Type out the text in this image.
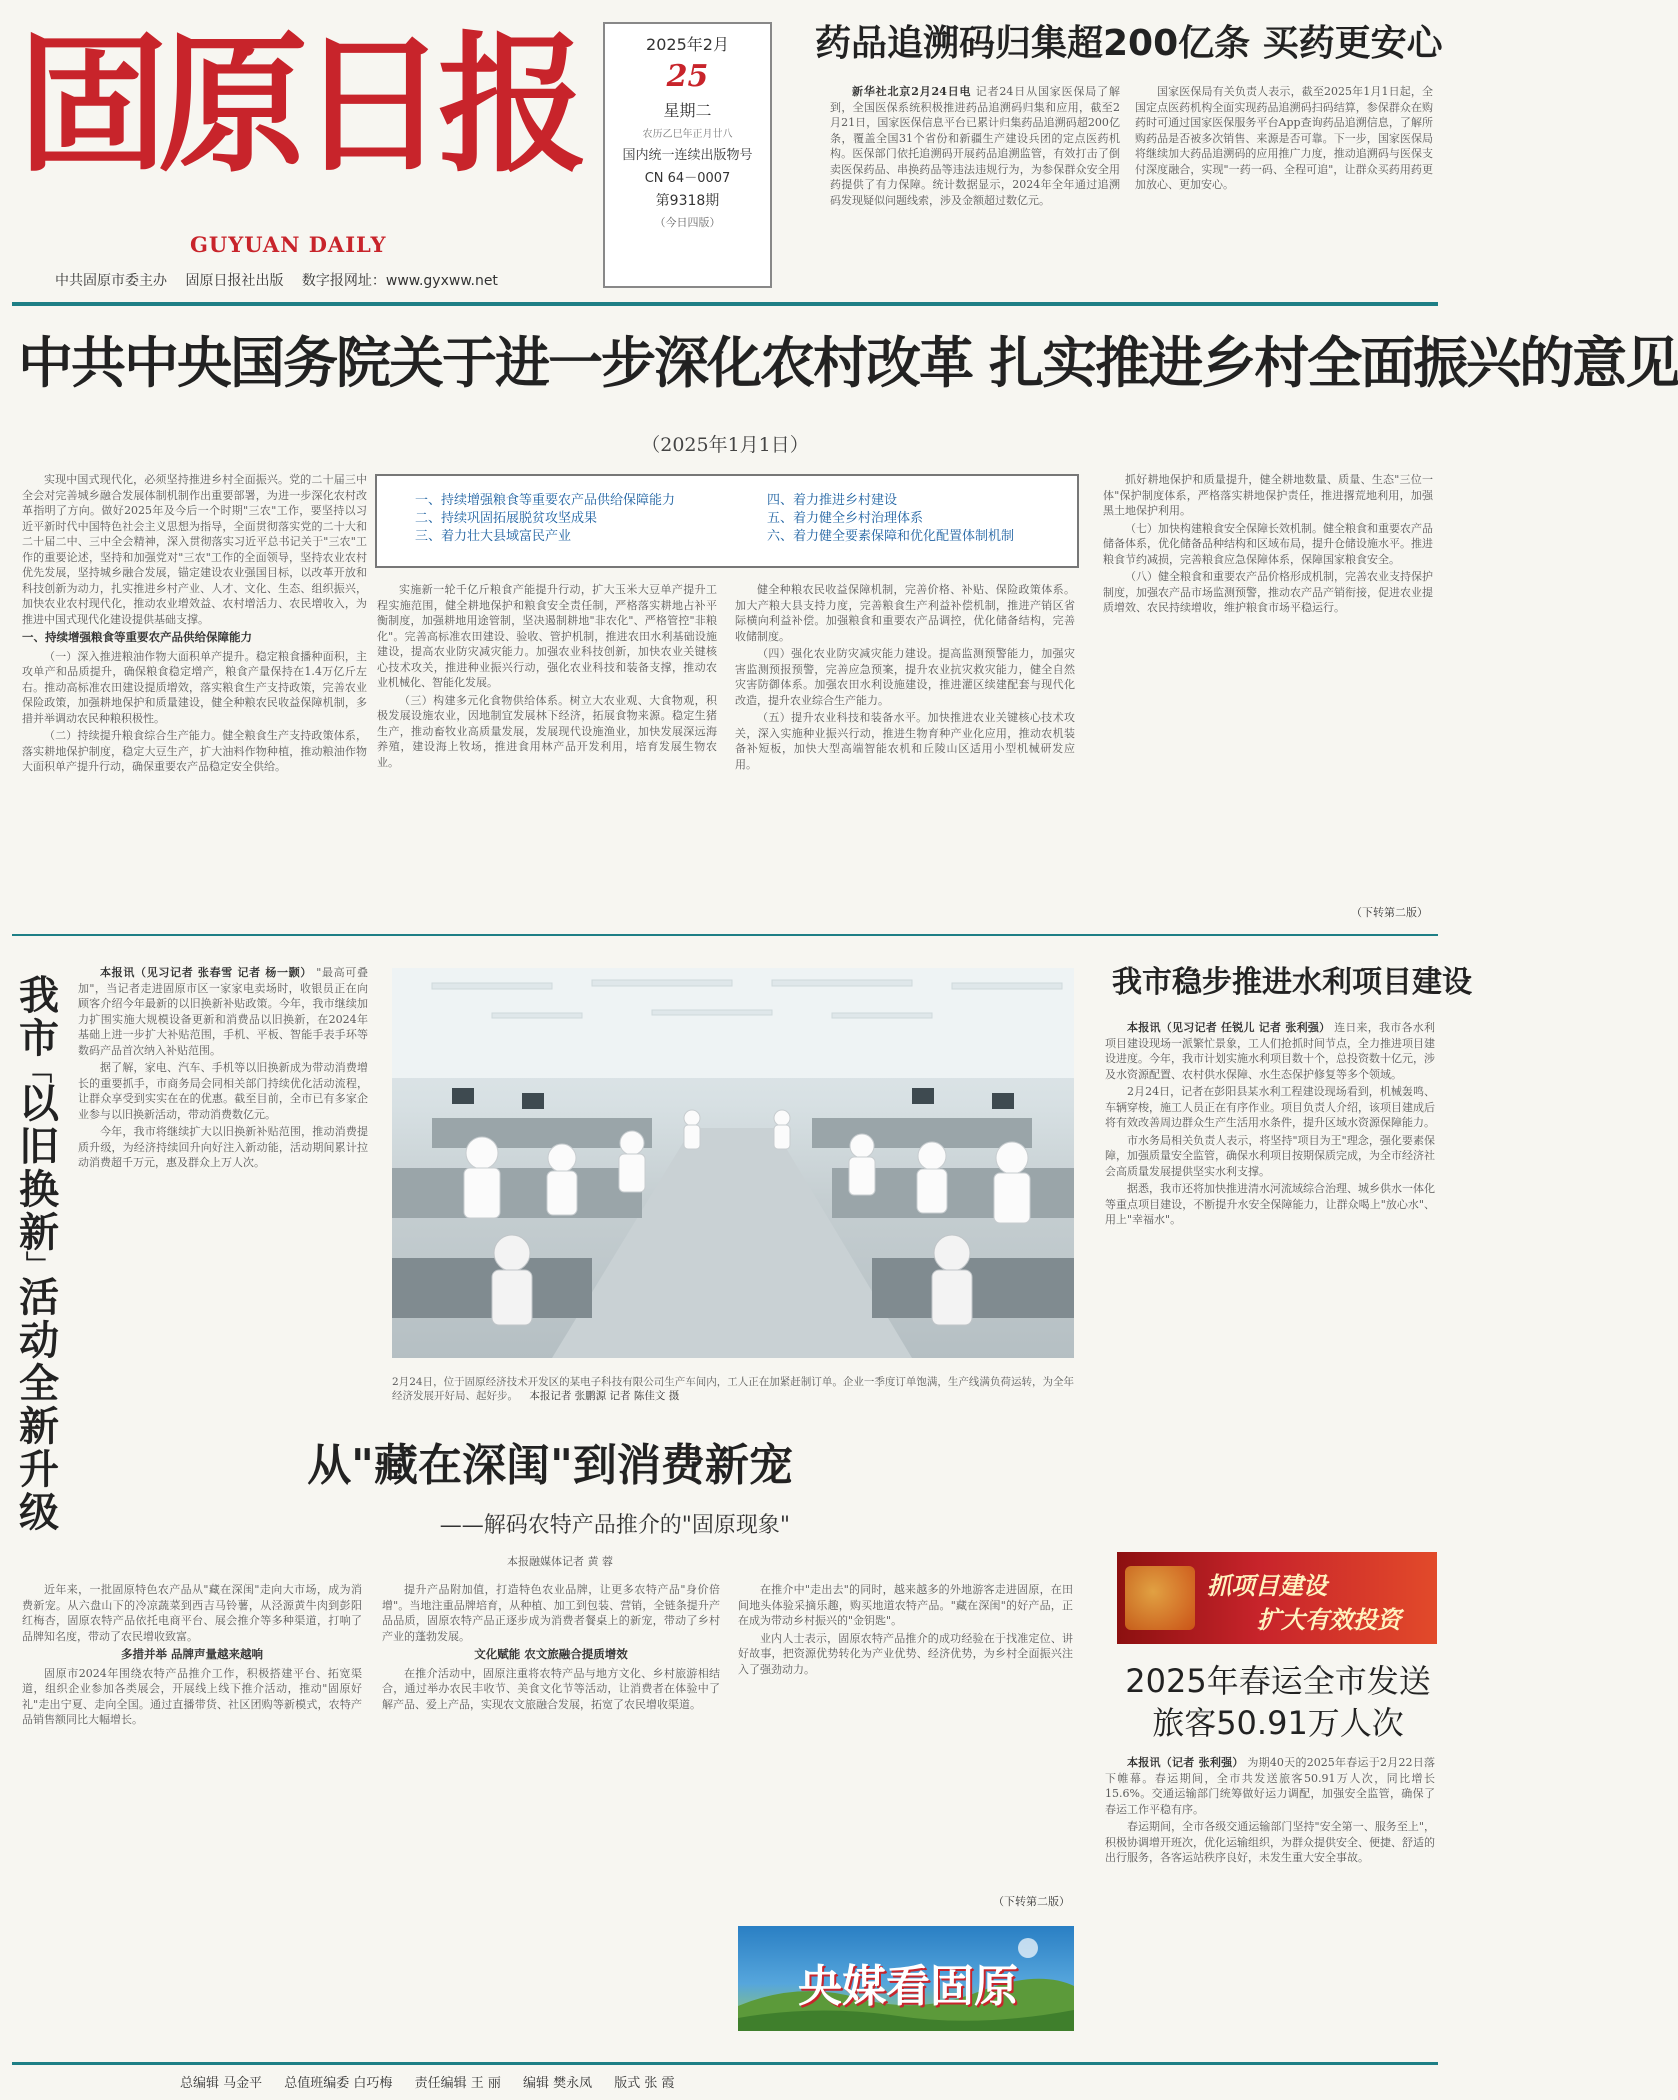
固原日报
GUYUAN DAILY
中共固原市委主办 固原日报社出版 数字报网址：www.gyxww.net
2025年2月
25
星期二
农历乙巳年正月廿八
国内统一连续出版物号
CN 64－0007
第9318期
（今日四版）
药品追溯码归集超200亿条 买药更安心

新华社北京2月24日电 记者24日从国家医保局了解到，全国医保系统积极推进药品追溯码归集和应用，截至2月21日，国家医保信息平台已累计归集药品追溯码超200亿条，覆盖全国31个省份和新疆生产建设兵团的定点医药机构。医保部门依托追溯码开展药品追溯监管，有效打击了倒卖医保药品、串换药品等违法违规行为，为参保群众安全用药提供了有力保障。统计数据显示，2024年全年通过追溯码发现疑似问题线索，涉及金额超过数亿元。

国家医保局有关负责人表示，截至2025年1月1日起，全国定点医药机构全面实现药品追溯码扫码结算，参保群众在购药时可通过国家医保服务平台App查询药品追溯信息，了解所购药品是否被多次销售、来源是否可靠。下一步，国家医保局将继续加大药品追溯码的应用推广力度，推动追溯码与医保支付深度融合，实现"一药一码、全程可追"，让群众买药用药更加放心、更加安心。

中共中央国务院关于进一步深化农村改革 扎实推进乡村全面振兴的意见
（2025年1月1日）

实现中国式现代化，必须坚持推进乡村全面振兴。党的二十届三中全会对完善城乡融合发展体制机制作出重要部署，为进一步深化农村改革指明了方向。做好2025年及今后一个时期"三农"工作，要坚持以习近平新时代中国特色社会主义思想为指导，全面贯彻落实党的二十大和二十届二中、三中全会精神，深入贯彻落实习近平总书记关于"三农"工作的重要论述，坚持和加强党对"三农"工作的全面领导，坚持农业农村优先发展，坚持城乡融合发展，锚定建设农业强国目标，以改革开放和科技创新为动力，扎实推进乡村产业、人才、文化、生态、组织振兴，加快农业农村现代化，推动农业增效益、农村增活力、农民增收入，为推进中国式现代化建设提供基础支撑。

一、持续增强粮食等重要农产品供给保障能力

（一）深入推进粮油作物大面积单产提升。稳定粮食播种面积，主攻单产和品质提升，确保粮食稳定增产，粮食产量保持在1.4万亿斤左右。推动高标准农田建设提质增效，落实粮食生产支持政策，完善农业保险政策，加强耕地保护和质量建设，健全种粮农民收益保障机制，多措并举调动农民种粮积极性。

（二）持续提升粮食综合生产能力。健全粮食生产支持政策体系，落实耕地保护制度，稳定大豆生产，扩大油料作物种植，推动粮油作物大面积单产提升行动，确保重要农产品稳定安全供给。

一、持续增强粮食等重要农产品供给保障能力
二、持续巩固拓展脱贫攻坚成果
三、着力壮大县域富民产业
四、着力推进乡村建设
五、着力健全乡村治理体系
六、着力健全要素保障和优化配置体制机制

实施新一轮千亿斤粮食产能提升行动，扩大玉米大豆单产提升工程实施范围，健全耕地保护和粮食安全责任制，严格落实耕地占补平衡制度，加强耕地用途管制，坚决遏制耕地"非农化"、严格管控"非粮化"。完善高标准农田建设、验收、管护机制，推进农田水利基础设施建设，提高农业防灾减灾能力。加强农业科技创新，加快农业关键核心技术攻关，推进种业振兴行动，强化农业科技和装备支撑，推动农业机械化、智能化发展。

（三）构建多元化食物供给体系。树立大农业观、大食物观，积极发展设施农业，因地制宜发展林下经济，拓展食物来源。稳定生猪生产，推动畜牧业高质量发展，发展现代设施渔业，加快发展深远海养殖，建设海上牧场，推进食用林产品开发利用，培育发展生物农业。

健全种粮农民收益保障机制，完善价格、补贴、保险政策体系。加大产粮大县支持力度，完善粮食生产利益补偿机制，推进产销区省际横向利益补偿。加强粮食和重要农产品调控，优化储备结构，完善收储制度。

（四）强化农业防灾减灾能力建设。提高监测预警能力，加强灾害监测预报预警，完善应急预案，提升农业抗灾救灾能力，健全自然灾害防御体系。加强农田水利设施建设，推进灌区续建配套与现代化改造，提升农业综合生产能力。

（五）提升农业科技和装备水平。加快推进农业关键核心技术攻关，深入实施种业振兴行动，推进生物育种产业化应用，推动农机装备补短板，加快大型高端智能农机和丘陵山区适用小型机械研发应用。

抓好耕地保护和质量提升，健全耕地数量、质量、生态"三位一体"保护制度体系，严格落实耕地保护责任，推进撂荒地利用，加强黑土地保护利用。

（七）加快构建粮食安全保障长效机制。健全粮食和重要农产品储备体系，优化储备品种结构和区域布局，提升仓储设施水平。推进粮食节约减损，完善粮食应急保障体系，保障国家粮食安全。

（八）健全粮食和重要农产品价格形成机制，完善农业支持保护制度，加强农产品市场监测预警，推动农产品产销衔接，促进农业提质增效、农民持续增收，维护粮食市场平稳运行。

（下转第二版）
我
市
﹁
以
旧
换
新
﹂
活
动
全
新
升
级

本报讯（见习记者 张春雪 记者 杨一颢） "最高可叠加"，当记者走进固原市区一家家电卖场时，收银员正在向顾客介绍今年最新的以旧换新补贴政策。今年，我市继续加力扩围实施大规模设备更新和消费品以旧换新，在2024年基础上进一步扩大补贴范围，手机、平板、智能手表手环等数码产品首次纳入补贴范围。

据了解，家电、汽车、手机等以旧换新成为带动消费增长的重要抓手，市商务局会同相关部门持续优化活动流程，让群众享受到实实在在的优惠。截至目前，全市已有多家企业参与以旧换新活动，带动消费数亿元。

今年，我市将继续扩大以旧换新补贴范围，推动消费提质升级，为经济持续回升向好注入新动能，活动期间累计拉动消费超千万元，惠及群众上万人次。

2月24日，位于固原经济技术开发区的某电子科技有限公司生产车间内，工人正在加紧赶制订单。企业一季度订单饱满，生产线满负荷运转，为全年经济发展开好局、起好步。 本报记者 张鹏源 记者 陈佳文 摄
我市稳步推进水利项目建设

本报讯（见习记者 任锐儿 记者 张利强） 连日来，我市各水利项目建设现场一派繁忙景象，工人们抢抓时间节点，全力推进项目建设进度。今年，我市计划实施水利项目数十个，总投资数十亿元，涉及水资源配置、农村供水保障、水生态保护修复等多个领域。

2月24日，记者在彭阳县某水利工程建设现场看到，机械轰鸣、车辆穿梭，施工人员正在有序作业。项目负责人介绍，该项目建成后将有效改善周边群众生产生活用水条件，提升区域水资源保障能力。

市水务局相关负责人表示，将坚持"项目为王"理念，强化要素保障，加强质量安全监管，确保水利项目按期保质完成，为全市经济社会高质量发展提供坚实水利支撑。

据悉，我市还将加快推进清水河流域综合治理、城乡供水一体化等重点项目建设，不断提升水安全保障能力，让群众喝上"放心水"、用上"幸福水"。

从"藏在深闺"到消费新宠
——解码农特产品推介的"固原现象"
本报融媒体记者 黄 蓉

近年来，一批固原特色农产品从"藏在深闺"走向大市场，成为消费新宠。从六盘山下的冷凉蔬菜到西吉马铃薯，从泾源黄牛肉到彭阳红梅杏，固原农特产品依托电商平台、展会推介等多种渠道，打响了品牌知名度，带动了农民增收致富。

多措并举 品牌声量越来越响

固原市2024年围绕农特产品推介工作，积极搭建平台、拓宽渠道，组织企业参加各类展会，开展线上线下推介活动，推动"固原好礼"走出宁夏、走向全国。通过直播带货、社区团购等新模式，农特产品销售额同比大幅增长。

提升产品附加值，打造特色农业品牌，让更多农特产品"身价倍增"。当地注重品牌培育，从种植、加工到包装、营销，全链条提升产品品质，固原农特产品正逐步成为消费者餐桌上的新宠，带动了乡村产业的蓬勃发展。

文化赋能 农文旅融合提质增效

在推介活动中，固原注重将农特产品与地方文化、乡村旅游相结合，通过举办农民丰收节、美食文化节等活动，让消费者在体验中了解产品、爱上产品，实现农文旅融合发展，拓宽了农民增收渠道。

在推介中"走出去"的同时，越来越多的外地游客走进固原，在田间地头体验采摘乐趣，购买地道农特产品。"藏在深闺"的好产品，正在成为带动乡村振兴的"金钥匙"。

业内人士表示，固原农特产品推介的成功经验在于找准定位、讲好故事，把资源优势转化为产业优势、经济优势，为乡村全面振兴注入了强劲动力。

（下转第二版）
央媒看固原
抓项目建设
扩大有效投资
2025年春运全市发送旅客50.91万人次

本报讯（记者 张利强） 为期40天的2025年春运于2月22日落下帷幕。春运期间，全市共发送旅客50.91万人次，同比增长15.6%。交通运输部门统筹做好运力调配，加强安全监管，确保了春运工作平稳有序。

春运期间，全市各级交通运输部门坚持"安全第一、服务至上"，积极协调增开班次，优化运输组织，为群众提供安全、便捷、舒适的出行服务，各客运站秩序良好，未发生重大安全事故。

总编辑 马金平 总值班编委 白巧梅 责任编辑 王 丽 编辑 樊永凤 版式 张 霞
